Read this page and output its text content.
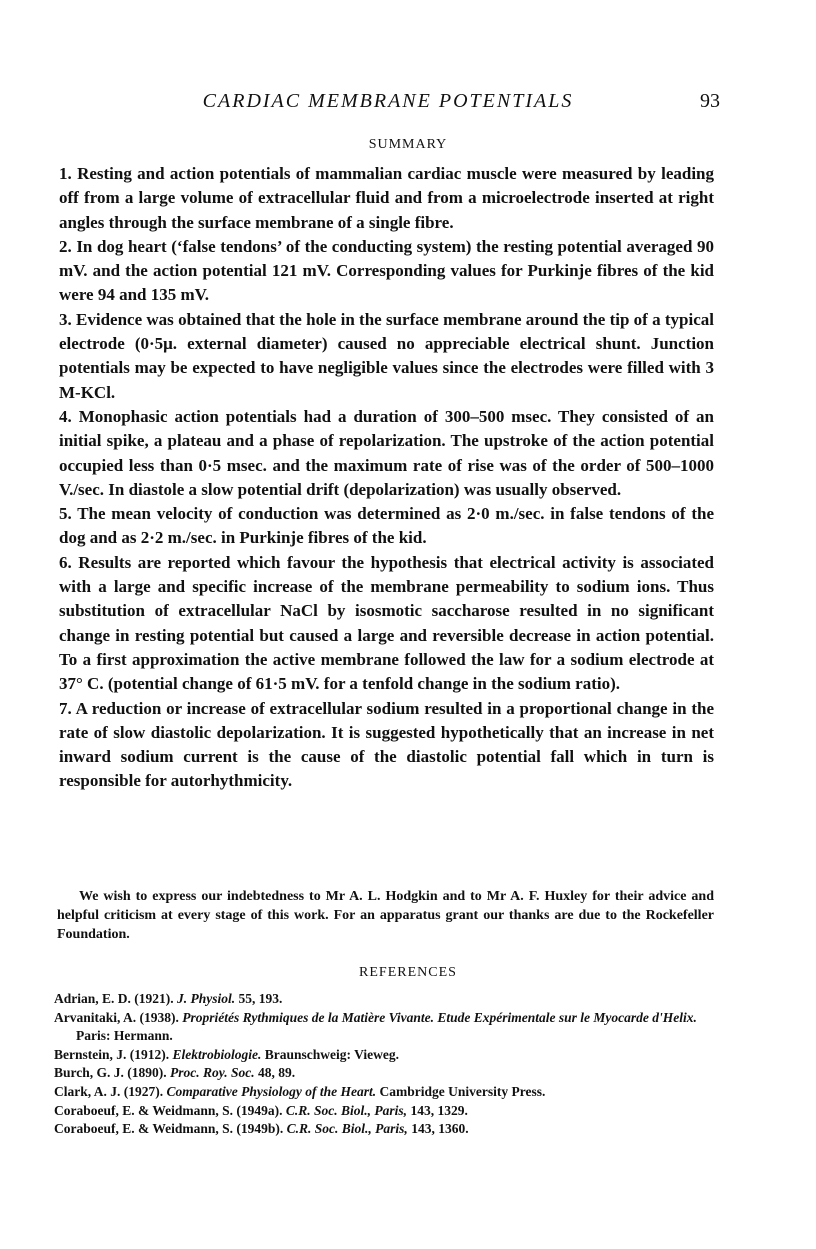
CARDIAC MEMBRANE POTENTIALS	93
SUMMARY

1. Resting and action potentials of mammalian cardiac muscle were measured by leading off from a large volume of extracellular fluid and from a microelectrode inserted at right angles through the surface membrane of a single fibre.

2. In dog heart (‘false tendons’ of the conducting system) the resting potential averaged 90 mV. and the action potential 121 mV. Corresponding values for Purkinje fibres of the kid were 94 and 135 mV.

3. Evidence was obtained that the hole in the surface membrane around the tip of a typical electrode (0·5μ. external diameter) caused no appreciable electrical shunt. Junction potentials may be expected to have negligible values since the electrodes were filled with 3 M-KCl.

4. Monophasic action potentials had a duration of 300–500 msec. They consisted of an initial spike, a plateau and a phase of repolarization. The upstroke of the action potential occupied less than 0·5 msec. and the maximum rate of rise was of the order of 500–1000 V./sec. In diastole a slow potential drift (depolarization) was usually observed.

5. The mean velocity of conduction was determined as 2·0 m./sec. in false tendons of the dog and as 2·2 m./sec. in Purkinje fibres of the kid.

6. Results are reported which favour the hypothesis that electrical activity is associated with a large and specific increase of the membrane permeability to sodium ions. Thus substitution of extracellular NaCl by isosmotic saccharose resulted in no significant change in resting potential but caused a large and reversible decrease in action potential. To a first approximation the active membrane followed the law for a sodium electrode at 37° C. (potential change of 61·5 mV. for a tenfold change in the sodium ratio).

7. A reduction or increase of extracellular sodium resulted in a proportional change in the rate of slow diastolic depolarization. It is suggested hypothetically that an increase in net inward sodium current is the cause of the diastolic potential fall which in turn is responsible for autorhythmicity.

We wish to express our indebtedness to Mr A. L. Hodgkin and to Mr A. F. Huxley for their advice and helpful criticism at every stage of this work. For an apparatus grant our thanks are due to the Rockefeller Foundation.
REFERENCES

Adrian, E. D. (1921). J. Physiol. 55, 193.

Arvanitaki, A. (1938). Propriétés Rythmiques de la Matière Vivante. Etude Expérimentale sur le Myocarde d'Helix. Paris: Hermann.

Bernstein, J. (1912). Elektrobiologie. Braunschweig: Vieweg.

Burch, G. J. (1890). Proc. Roy. Soc. 48, 89.

Clark, A. J. (1927). Comparative Physiology of the Heart. Cambridge University Press.

Coraboeuf, E. & Weidmann, S. (1949a). C.R. Soc. Biol., Paris, 143, 1329.

Coraboeuf, E. & Weidmann, S. (1949b). C.R. Soc. Biol., Paris, 143, 1360.
